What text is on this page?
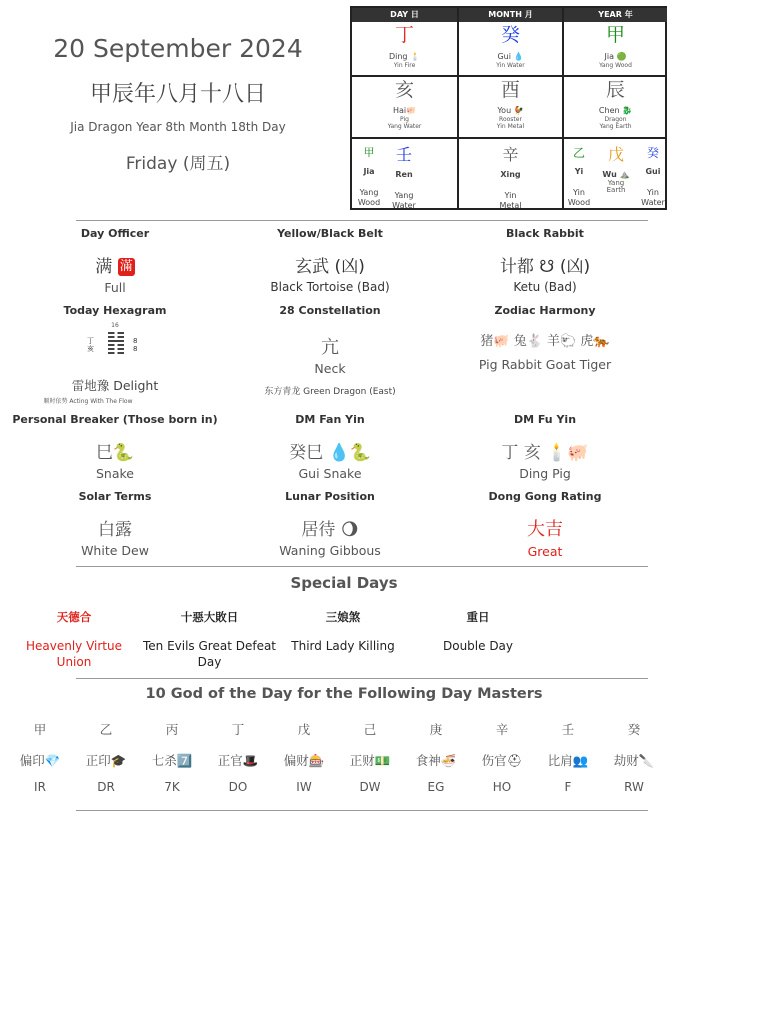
20 September 2024
甲辰年八月十八日
Jia Dragon Year 8th Month 18th Day
Friday (周五)
DAY 日	MONTH 月	YEAR 年
丁
Ding 🕯️
Yin Fire
癸
Gui 💧
Yin Water
甲
Jia 🟢
Yang Wood
亥
Hai🐖
Pig
Yang Water
酉
You 🐓
Rooster
Yin Metal
辰
Chen 🐉
Dragon
Yang Earth
甲
Jia
Yang
Wood
壬
Ren
Yang
Water
辛
Xing
Yin
Metal
乙
Yi
Yin
Wood
戊
Wu ⛰️
Yang
Earth
癸
Gui
Yin
Water
Day Officer
满 滿
Full
Yellow/Black Belt
玄武 (凶)
Black Tortoise (Bad)
Black Rabbit
计都 ☋ (凶)
Ketu (Bad)
Today Hexagram
16
丁
亥
8
8
雷地豫 Delight
顺时依势 Acting With The Flow
28 Constellation
亢
Neck
东方青龙 Green Dragon (East)
Zodiac Harmony
猪🐖 兔🐇 羊🐑 虎🐅
Pig Rabbit Goat Tiger
Personal Breaker (Those born in)
巳🐍
Snake
DM Fan Yin
癸巳 💧🐍
Gui Snake
DM Fu Yin
丁 亥 🕯️🐖
Ding Pig
Solar Terms
白露
White Dew
Lunar Position
居待 🌖
Waning Gibbous
Dong Gong Rating
大吉
Great
Special Days
天德合
Heavenly Virtue Union
十惡大敗日
Ten Evils Great Defeat Day
三娘煞
Third Lady Killing
重日
Double Day
10 God of the Day for the Following Day Masters
甲
偏印💎
IR
乙
正印🎓
DR
丙
七杀7️⃣
7K
丁
正官🎩
DO
戊
偏财🎰
IW
己
正财💵
DW
庚
食神🍜
EG
辛
伤官⛑
HO
壬
比肩👥
F
癸
劫财🔪
RW
